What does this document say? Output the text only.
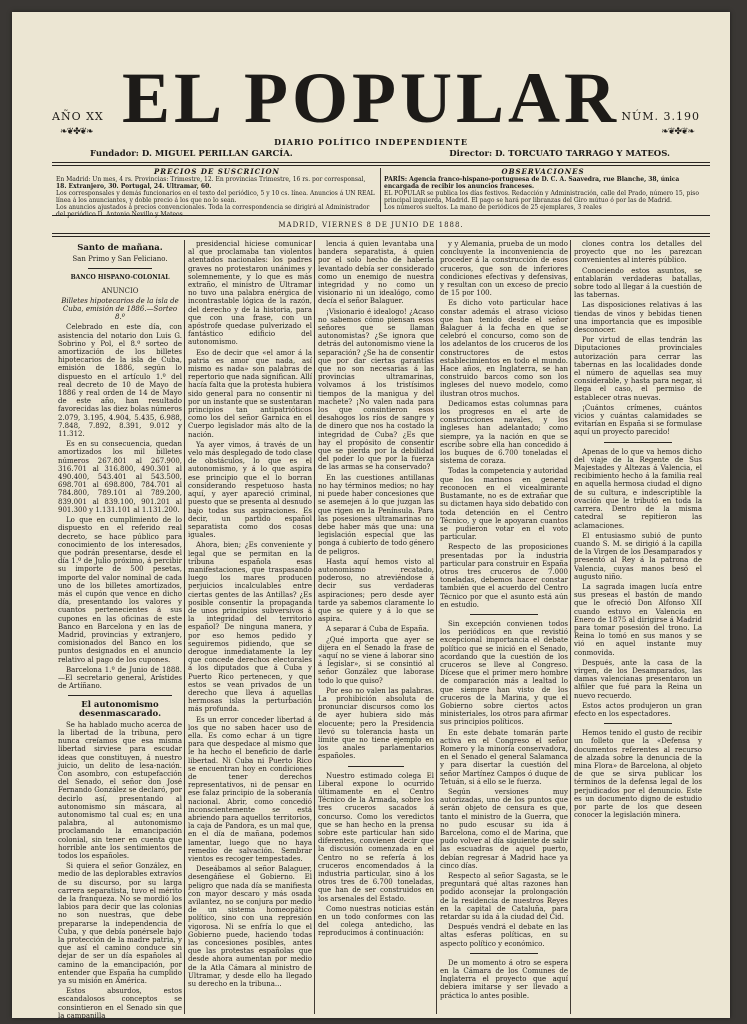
AÑO XX
❧❦✤❦❧ EL POPULAR NÚM. 3.190
❧❦✤❦❧
DIARIO POLÍTICO INDEPENDIENTE
Fundador: D. MIGUEL PERILLAN GARCÍA.	Director: D. TORCUATO TARRAGO Y MATEOS.
PRECIOS DE SUSCRICION

En Madrid: Un mes, 4 rs. Provincias: Trimestre, 12. En provincias Trimestre, 16 rs. por corresponsal,

18. Extranjero, 30. Portugal, 24. Ultramar, 60.

Los corresponsales y demás funcionarios en el texto del periódico, 5 y 10 cs. línea. Anuncios á UN REAL línea á los anunciantes, y doble precio á los que no lo sean.

Los anuncios ajustados á precios convencionales. Toda la correspondencia se dirigirá al Administrador del periódico D. Antonio Nevillo y Mateos.

OBSERVACIONES

PARÍS: Agencia franco-hispano-portuguesa de D. C. A. Saavedra, rue Blanche, 38, única encargada de recibir los anuncios franceses.

EL POPULAR se publica los días festivos. Redacción y Administración, calle del Prado, número 15, piso principal izquierda, Madrid. El pago se hará por libranzas del Giro mútuo ó por las de Madrid.

Los números sueltos. La mano de periódicos de 25 ejemplares, 3 reales

MADRID, VIERNES 8 DE JUNIO DE 1888.

Santo de mañana.

San Primo y San Feliciano.

BANCO HISPANO-COLONIAL

ANUNCIO

Billetes hipotecarios de la isla de Cuba, emisión de 1886.—Sorteo 8.º

Celebrado en este día, con asistencia del notario don Luis G. Sobrino y Pol, el 8.º sorteo de amortización de los billetes hipotecarios de la isla de Cuba, emisión de 1886, según lo dispuesto en el artículo 1.º del real decreto de 10 de Mayo de 1886 y real orden de 14 de Mayo de este año, han resultado favorecidas las diez bolas números 2.079, 3.195, 4.904, 5.435, 6.988, 7.848, 7.892, 8.391, 9.012 y 11.312.

Es en su consecuencia, quedan amortizados los mil billetes números 267.801 al 267.900, 316.701 al 316.800, 490.301 al 490.400, 543.401 al 543.500, 698.701 al 698.800, 784.701 al 784.800, 789.101 al 789.200, 839.001 al 839.100, 901.201 al 901.300 y 1.131.101 al 1.131.200.

Lo que en cumplimiento de lo dispuesto en el referido real decreto, se hace público para conocimiento de los interesados, que podrán presentarse, desde el día 1.º de Julio próximo, á percibir su importe de 500 pesetas, importe del valor nominal de cada uno de los billetes amortizados, más el cupón que vence en dicho día, presentando los valores y cuantos pertenecientes á sus cupones en las oficinas de este Banco en Barcelona y en las de Madrid, provincias y extranjero, comisionados del Banco en los puntos designados en el anuncio relativo al pago de los cupones.

Barcelona 1.º de Junio de 1888.—El secretario general, Arístides de Artíñano.

El autonomismo desenmascarado.

Se ha hablado mucho acerca de la libertad de la tribuna, pero nunca creíamos que esa misma libertad sirviese para escudar ideas que constituyen, á nuestro juicio, un delito de lesa-nación. Con asombro, con estupefacción del Senado, el señor don José Fernando González se declaró, por decirlo así, presentando al autonomismo sin máscara, al autonomismo tal cual es; en una palabra, al autonomismo proclamando la emancipación colonial, sin tener en cuenta que horrible ante los sentimientos de todos los españoles.

Si quiera el señor González, en medio de las deplorables extravíos de su discurso, por su larga carrera separatista, tuvo el mérito de la franqueza. No se mordió los labios para decir que las colonias no son nuestras, que debe prepararse la independencia de Cuba, y que debía ponérsele bajo la protección de la madre patria, y que así el camino conduce sin dejar de ser un día españoles al camino de la emancipación, por entender que España ha cumplido ya su misión en América.

Estos absurdos, estos escandalosos conceptos se consintieron en el Senado sin que la campanilla

presidencial hiciese comunicar al que proclamaba tan violentos atentados nacionales: los padres graves no protestaron unánimes y solemnemente, y lo que es más extraño, el ministro de Ultramar no tuvo una palabra enérgica de incontrastable lógica de la razón, del derecho y de la historia, para que con una frase, con un apóstrofe quedase pulverizado el fantástico edificio del autonomismo.

Eso de decir que «el amor á la patria es amor que nada, así mismo es nada» son palabras de repertorio que nada significan. Allí hacía falta que la protesta hubiera sido general para no consentir ni por un instante que se sustentaran principios tan antipatrióticos como los del señor Garnica en el Cuerpo legislador más alto de la nación.

Ya ayer vimos, á través de un velo más desplegado de todo clase de obstáculos, lo que es el autonomismo, y á lo que aspira ese principio que el lo borran considerando respetuoso hasta aquí, y ayer apareció criminal, puesto que se presenta al desnudo bajo todas sus aspiraciones. Es decir, un partido español separatista como dos cosas iguales.

Ahora, bien; ¿Es conveniente y legal que se permitan en la tribuna española esas manifestaciones, que traspasando luego los mares producen perjuicios incalculables entre ciertas gentes de las Antillas? ¿Es posible consentir la propaganda de unos principios subversivos á la integridad del territorio español? De ninguna manera, y por eso hemos pedido y seguiremos pidiendo, que se derogue inmediatamente la ley que concede derechos electorales á los diputados que á Cuba y Puerto Rico pertenecen, y que estos se vean privados de un derecho que lleva á aquellas hermosas islas la perturbación más profunda.

Es un error conceder libertad á los que no saben hacer uso de ella. Es como echar á un tigre para que despedace al mismo que le ha hecho el beneficio de darle libertad. Ni Cuba ni Puerto Rico se encuentran hoy en condiciones de tener derechos representativos, ni de pensar en ese falaz principio de la soberanía nacional. Abrir, como concedió inconscientemente se está abriendo para aquellos territorios, la caja de Pandora, es un mal que, en el día de mañana, podemos lamentar, luego que no haya remedio de salvación. Sembrar vientos es recoger tempestades.

Deseábamos al señor Balaguer, desengáñese el Gobierno. El peligro que nada día se manifiesta con mayor descaro y más osada avilantez, no se conjura por medio de un sistema homeopático político, sino con una represión vigorosa. Ni se enfría lo que el Gobierno puede, haciendo todas las concesiones posibles, antes que las protestas españolas que desde ahora aumentan por medio de la Atla Cámara al ministro de Ultramar, y desde ello ha llegado su derecho en la tribuna...

lencia á quien levantaba una bandera separatista, á quien por el solo hecho de haberla levantado debía ser considerado como un enemigo de nuestra integridad y no como un visionario ni un idealógo, como decía el señor Balaguer.

¡Visionario é idealogo! ¿Acaso no sabemos cómo piensan esos señores que se llaman autonomistas? ¿Se ignora que detrás del autonomismo viene la separación? ¿Se ha de consentir que por dar ciertas garantías que no son necesarias á las provincias ultramarinas, volvamos á los tristísimos tiempos de la manigua y del machete? ¡No valen nada para los que consintieron esos desahogos los ríos de sangre y de dinero que nos ha costado la integridad de Cuba? ¿Es que hay el propósito de consentir que se pierda por la debilidad del poder lo que por la fuerza de las armas se ha conservado?

En las cuestiones antillanas no hay términos medios; no hay ni puede haber concesiones que se asemejen á lo que juzgan las que rigen en la Península. Para las posesiones ultramarinas no debe haber más que una: una legislación especial que las ponga á cubierto de todo género de peligros.

Hasta aquí hemos visto al autonomismo recatado, poderoso, no atreviéndose á decir sus verdaderas aspiraciones; pero desde ayer tarde ya sabemos claramente lo que se quiere y á lo que se aspira.

A separar á Cuba de España.

¿Qué importa que ayer se dijera en el Senado la frase de «aquí no se viene á laborar sino á legislar», si se consintió al señor González que laborase todo lo que quiso?

Por eso no valen las palabras. La prohibición absoluta de pronunciar discursos como los de ayer hubiera sido más elocuente; pero la Presidencia llevó su tolerancia hasta un límite que no tiene ejemplo en los anales parlamentarios españoles.

Nuestro estimado colega El Liberal expone lo ocurrido últimamente en el Centro Técnico de la Armada, sobre los tres cruceros sacados á concurso. Como los veredictos que se han hecho en la prensa sobre este particular han sido diferentes, convienen decir que la discusión comenzada en el Centro no se refería á los cruceros encomendados á la industria particular, sino á los otros tres de 6.700 toneladas, que han de ser construidos en los arsenales del Estado.

Como nuestras noticias están en un todo conformes con las del colega antedicho, las reproducimos á continuación:

y y Alemania, prueba de un modo concluyente la inconveniencia de proceder á la construcción de esos cruceros, que son de inferiores condiciones efectivas y defensivas, y resultan con un exceso de precio de 15 por 100.

Es dicho voto particular hace constar además el atraso vicioso que han tenido desde el señor Balaguer á la fecha en que se celebró el concurso, como son de los adelantos de los cruceros de los constructores de estos establecimientos en todo el mundo. Hace años, en Inglaterra, se han construido barcos como son los ingleses del nuevo modelo, como ilustran otros muchos.

Dedicamos estas columnas para los progresos en el arte de construcciones navales, y los ingleses han adelantado; como siempre, ya la nación en que se escribe sobre ella han concedido á los buques de 6.700 toneladas el sistema de coraza.

Todas la competencia y autoridad que los marinos en general reconocen en el vicealmirante Bustamante, no es de extrañar que su dictamen haya sido debatido con toda detención en el Centro Técnico, y que le apoyaran cuantos se pudieron votar en el voto particular.

Respecto de las proposiciones presentadas por la industria particular para construir en España otros tres cruceros de 7.000 toneladas, debemos hacer constar también que el acuerdo del Centro Técnico por que el asunto está aún en estudio.

Sin excepción convienen todos los periódicos en que revistió excepcional importancia el debate político que se inició en el Senado, acordando que la cuestión de los cruceros se lleve al Congreso. Dícese que el primer mero hombre de comparación más a lealtad lo que siempre han visto de los cruceros de la Marina, y que el Gobierno sobre ciertos actos ministeriales, los otros para afirmar sus principios políticos.

En este debate tomarán parte activa en el Congreso el señor Romero y la minoría conservadora, en el Senado el general Salamanca y para disertar la cuestión del señor Martínez Campos ó duque de Tetuán, si á ello se le fuerza.

Según versiones muy autorizadas, uno de los puntos que serán objeto de censura es que, tanto el ministro de la Guerra, que no pudo escusar su ida á Barcelona, como el de Marina, que pudo volver al día siguiente de salir las escuadras de aquel puerto, debían regresar á Madrid hace ya cinco días.

Respecto al señor Sagasta, se le preguntará qué altas razones han podido aconsejar la prolongación de la residencia de nuestros Reyes en la capital de Cataluña, para retardar su ida á la ciudad del Cid.

Después vendrá el debate en las altas esferas políticas, en su aspecto político y económico.

De un momento á otro se espera en la Cámara de los Comunes de Inglaterra el proyecto que aquí debiera imitarse y ser llevado a práctica lo antes posible.

clones contra los detalles del proyecto que no les parezcan convenientes al interés público.

Conociendo estos asuntos, se entablarán verdaderas batallas, sobre todo al llegar á la cuestión de las tabernas.

Las disposiciones relativas á las tiendas de vinos y bebidas tienen una importancia que es imposible desconocer.

Por virtud de ellas tendrán las Diputaciones provinciales autorización para cerrar las tabernas en las localidades donde el número de aquellas sea muy considerable, y hasta para negar, si llega el caso, el permiso de establecer otras nuevas.

¡Cuántos crímenes, cuántos vicios y cuántas calamidades se evitarían en España si se formulase aquí un proyecto parecido!

Apenas de lo que va hemos dicho del viaje de la Regente de Sus Majestades y Altezas á Valencia, el recibimiento hecho á la familia real en aquella hermosa ciudad el digno de su cultura, e indescriptible la ovación que le tributó en toda la carrera. Dentro de la misma catedral se repitieron las aclamaciones.

El entusiasmo subió de punto cuando S. M. se dirigió á la capilla de la Virgen de los Desamparados y presentó al Rey á la patrona de Valencia, cuyas manos besó el augusto niño.

La sagrada imagen lucía entre sus preseas el bastón de mando que le ofreció Don Alfonso XII cuando estuvo en Valencia en Enero de 1875 al dirigirse á Madrid para tomar posesión del trono. La Reina lo tomó en sus manos y se vió en aquel instante muy conmovida.

Después, ante la casa de la virgen, de los Desamparados, las damas valencianas presentaron un alfiler que fué para la Reina un nuevo recuerdo.

Estos actos produjeron un gran efecto en los espectadores.

Hemos tenido el gusto de recibir un folleto que la «Defensa y documentos referentes al recurso de alzada sobre la denuncia de la mina Flora» de Barcelona, al objeto de que se sirva publicar los términos de la defensa legal de los perjudicados por el denuncio. Este es un documento digno de estudio por parte de los que deseen conocer la legislación minera.
